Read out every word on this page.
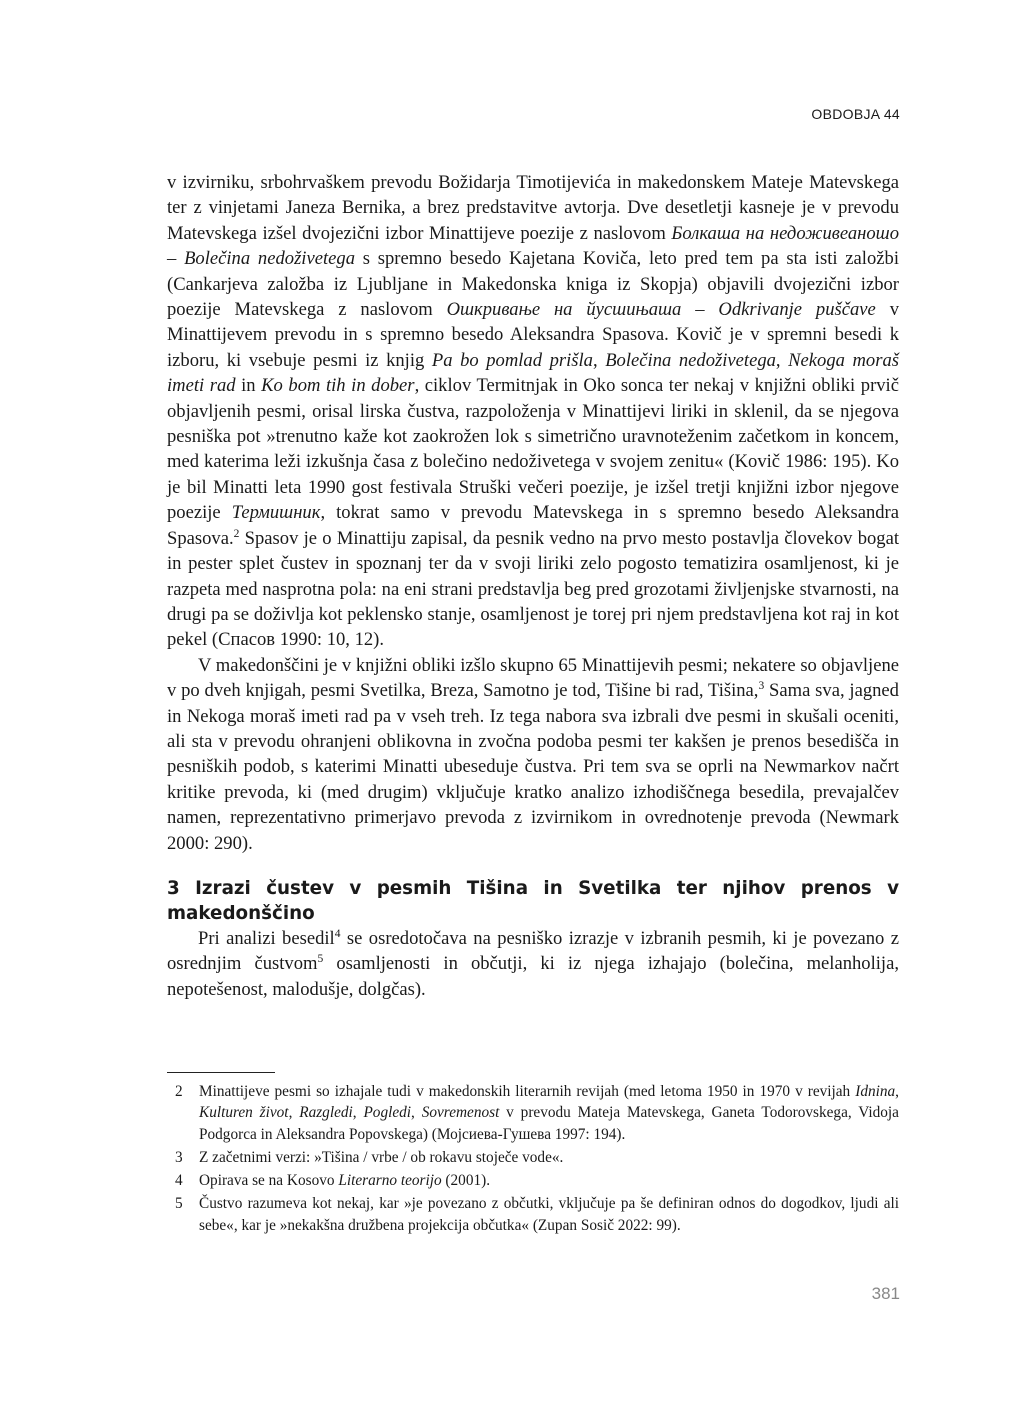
OBDOBJA 44

v izvirniku, srbohrvaškem prevodu Božidarja Timotijevića in makedonskem Mateje Matevskega ter z vinjetami Janeza Bernika, a brez predstavitve avtorja. Dve desetletji kasneje je v prevodu Matevskega izšel dvojezični izbor Minattijeve poezije z naslovom Болкаша на недоживеаношо – Bolečina nedoživetega s spremno besedo Kajetana Koviča, leto pred tem pa sta isti založbi (Cankarjeva založba iz Ljubljane in Makedonska kniga iz Skopja) objavili dvojezični izbor poezije Matevskega z naslovom Ошкривање на йусшињаша – Odkrivanje puščave v Minattijevem prevodu in s spremno besedo Aleksandra Spasova. Kovič je v spremni besedi k izboru, ki vsebuje pesmi iz knjig Pa bo pomlad prišla, Bolečina nedoživetega, Nekoga moraš imeti rad in Ko bom tih in dober, ciklov Termitnjak in Oko sonca ter nekaj v knjižni obliki prvič objavljenih pesmi, orisal lirska čustva, razpoloženja v Minattijevi liriki in sklenil, da se njegova pesniška pot »trenutno kaže kot zaokrožen lok s simetrično uravnoteženim začetkom in koncem, med katerima leži izkušnja časa z bolečino nedoživetega v svojem zenitu« (Kovič 1986: 195). Ko je bil Minatti leta 1990 gost festivala Struški večeri poezije, je izšel tretji knjižni izbor njegove poezije Термишник, tokrat samo v prevodu Matevskega in s spremno besedo Aleksandra Spasova.$^2$ Spasov je o Minattiju zapisal, da pesnik vedno na prvo mesto postavlja človekov bogat in pester splet čustev in spoznanj ter da v svoji liriki zelo pogosto tematizira osamljenost, ki je razpeta med nasprotna pola: na eni strani predstavlja beg pred grozotami življenjske stvarnosti, na drugi pa se doživlja kot peklensko stanje, osamljenost je torej pri njem predstavljena kot raj in kot pekel (Спасов 1990: 10, 12).

V makedonščini je v knjižni obliki izšlo skupno 65 Minattijevih pesmi; nekatere so objavljene v po dveh knjigah, pesmi Svetilka, Breza, Samotno je tod, Tišine bi rad, Tišina,$^3$ Sama sva, jagned in Nekoga moraš imeti rad pa v vseh treh. Iz tega nabora sva izbrali dve pesmi in skušali oceniti, ali sta v prevodu ohranjeni oblikovna in zvočna podoba pesmi ter kakšen je prenos besedišča in pesniških podob, s katerimi Minatti ubeseduje čustva. Pri tem sva se oprli na Newmarkov načrt kritike prevoda, ki (med drugim) vključuje kratko analizo izhodiščnega besedila, prevajalčev namen, reprezentativno primerjavo prevoda z izvirnikom in ovrednotenje prevoda (Newmark 2000: 290).

3 Izrazi čustev v pesmih Tišina in Svetilka ter njihov prenos v makedonščino

Pri analizi besedil$^4$ se osredotočava na pesniško izrazje v izbranih pesmih, ki je povezano z osrednjim čustvom$^5$ osamljenosti in občutji, ki iz njega izhajajo (bolečina, melanholija, nepotešenost, malodušje, dolgčas).

2 Minattijeve pesmi so izhajale tudi v makedonskih literarnih revijah (med letoma 1950 in 1970 v revijah Idnina, Kulturen život, Razgledi, Pogledi, Sovremenost v prevodu Mateja Matevskega, Ganeta Todorovskega, Vidoja Podgorca in Aleksandra Popovskega) (Мојсиева-Гушева 1997: 194).
3 Z začetnimi verzi: »Tišina / vrbe / ob rokavu stoječe vode«.
4 Opirava se na Kosovo Literarno teorijo (2001).
5 Čustvo razumeva kot nekaj, kar »je povezano z občutki, vključuje pa še definiran odnos do dogodkov, ljudi ali sebe«, kar je »nekakšna družbena projekcija občutka« (Zupan Sosič 2022: 99).
381
